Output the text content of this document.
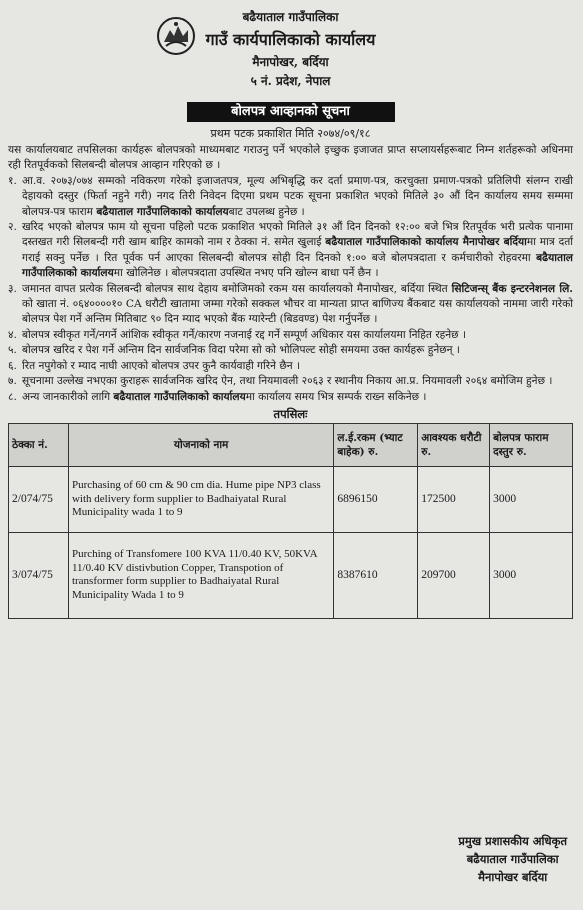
बढैयाताल गाउँपालिका
गाउँ कार्यपालिकाको कार्यालय
मैनापोखर, बर्दिया
५ नं. प्रदेश, नेपाल
बोलपत्र आव्हानको सूचना
प्रथम पटक प्रकाशित मिति २०७४/०९/१८
यस कार्यालयबाट तपसिलका कार्यहरू बोलपत्रको माध्यमबाट गराउनु पर्ने भएकोले इच्छुक इजाजत प्राप्त सप्लायर्सहरूबाट निम्न शर्तहरूको अधिनमा रही रितपूर्वकको सिलबन्दी बोलपत्र आव्हान गरिएको छ ।
१. आ.व. २०७३/०७४ सम्मको नविकरण गरेको इजाजतपत्र, मूल्य अभिबृद्धि कर दर्ता प्रमाण-पत्र, करचुक्ता प्रमाण-पत्रको प्रतिलिपी संलग्न राखी देहायको दस्तुर (फिर्ता नहुने गरी) नगद तिरी निवेदन दिएमा प्रथम पटक सूचना प्रकाशित भएको मितिले ३० औं दिन कार्यालय समय सम्ममा बोलपत्र-पत्र फाराम बढैयाताल गाउँपालिकाको कार्यालयबाट उपलब्ध हुनेछ ।
२. खरिद भएको बोलपत्र फाम यो सूचना पहिलो पटक प्रकाशित भएको मितिले ३१ औं दिन दिनको १२:०० बजे भित्र रितपूर्वक भरी प्रत्येक पानामा दस्तखत गरी सिलबन्दी गरी खाम बाहिर कामको नाम र ठेक्का नं. समेत खुलाई बढैयाताल गाउँपालिकाको कार्यालय मैनापोखर बर्दियामा मात्र दर्ता गराई सक्नु पर्नेछ । रित पूर्वक पर्न आएका सिलबन्दी बोलपत्र सोही दिन दिनको १:०० बजे बोलपत्रदाता र कर्मचारीको रोहवरमा बढैयाताल गाउँपालिकाको कार्यालयमा खोलिनेछ । बोलपत्रदाता उपस्थित नभए पनि खोल्न बाधा पर्ने छैन ।
३. जमानत वापत प्रत्येक सिलबन्दी बोलपत्र साथ देहाय बमोजिमको रकम यस कार्यालयको मैनापोखर, बर्दिया स्थित सिटिजन्स् बैंक इन्टरनेशनल लि. को खाता नं. ०६४००००१० CA धरौटी खातामा जम्मा गरेको सक्कल भौचर वा मान्यता प्राप्त बाणिज्य बैंकबाट यस कार्यालयको नाममा जारी गरेको बोलपत्र पेश गर्ने अन्तिम मितिबाट ९० दिन म्याद भएको बैंक ग्यारेन्टी (बिडवण्ड) पेश गर्नुपर्नेछ ।
४. बोलपत्र स्वीकृत गर्ने/नगर्ने आंशिक स्वीकृत गर्ने/कारण नजनाई रद्द गर्ने सम्पूर्ण अधिकार यस कार्यालयमा निहित रहनेछ ।
५. बोलपत्र खरिद र पेश गर्ने अन्तिम दिन सार्वजनिक विदा परेमा सो को भोलिपल्ट सोही समयमा उक्त कार्यहरू हुनेछन् ।
६. रित नपुगेको र म्याद नाघी आएको बोलपत्र उपर कुनै कार्यवाही गरिने छैन ।
७. सूचनामा उल्लेख नभएका कुराहरू सार्वजनिक खरिद ऐन, तथा नियमावली २०६३ र स्थानीय निकाय आ.प्र. नियमावली २०६४ बमोजिम हुनेछ ।
८. अन्य जानकारीको लागि बढैयाताल गाउँपालिकाको कार्यालयमा कार्यालय समय भित्र सम्पर्क राख्न सकिनेछ ।
तपसिलः
ठेक्का नं.	योजनाको नाम	ल.ई.रकम (भ्याट बाहेक) रु.	आवश्यक धरौटी रु.	बोलपत्र फाराम दस्तुर रु.
2/074/75	Purchasing of 60 cm & 90 cm dia. Hume pipe NP3 class with delivery form supplier to Badhaiyatal Rural Municipality wada 1 to 9	6896150	172500	3000
3/074/75	Purching of Transfomere 100 KVA 11/0.40 KV, 50KVA 11/0.40 KV distivbution Copper, Transpotion of transformer form supplier to Badhaiyatal Rural Municipality Wada 1 to 9	8387610	209700	3000
प्रमुख प्रशासकीय अधिकृत
बढैयाताल गाउँपालिका
मैनापोखर बर्दिया
